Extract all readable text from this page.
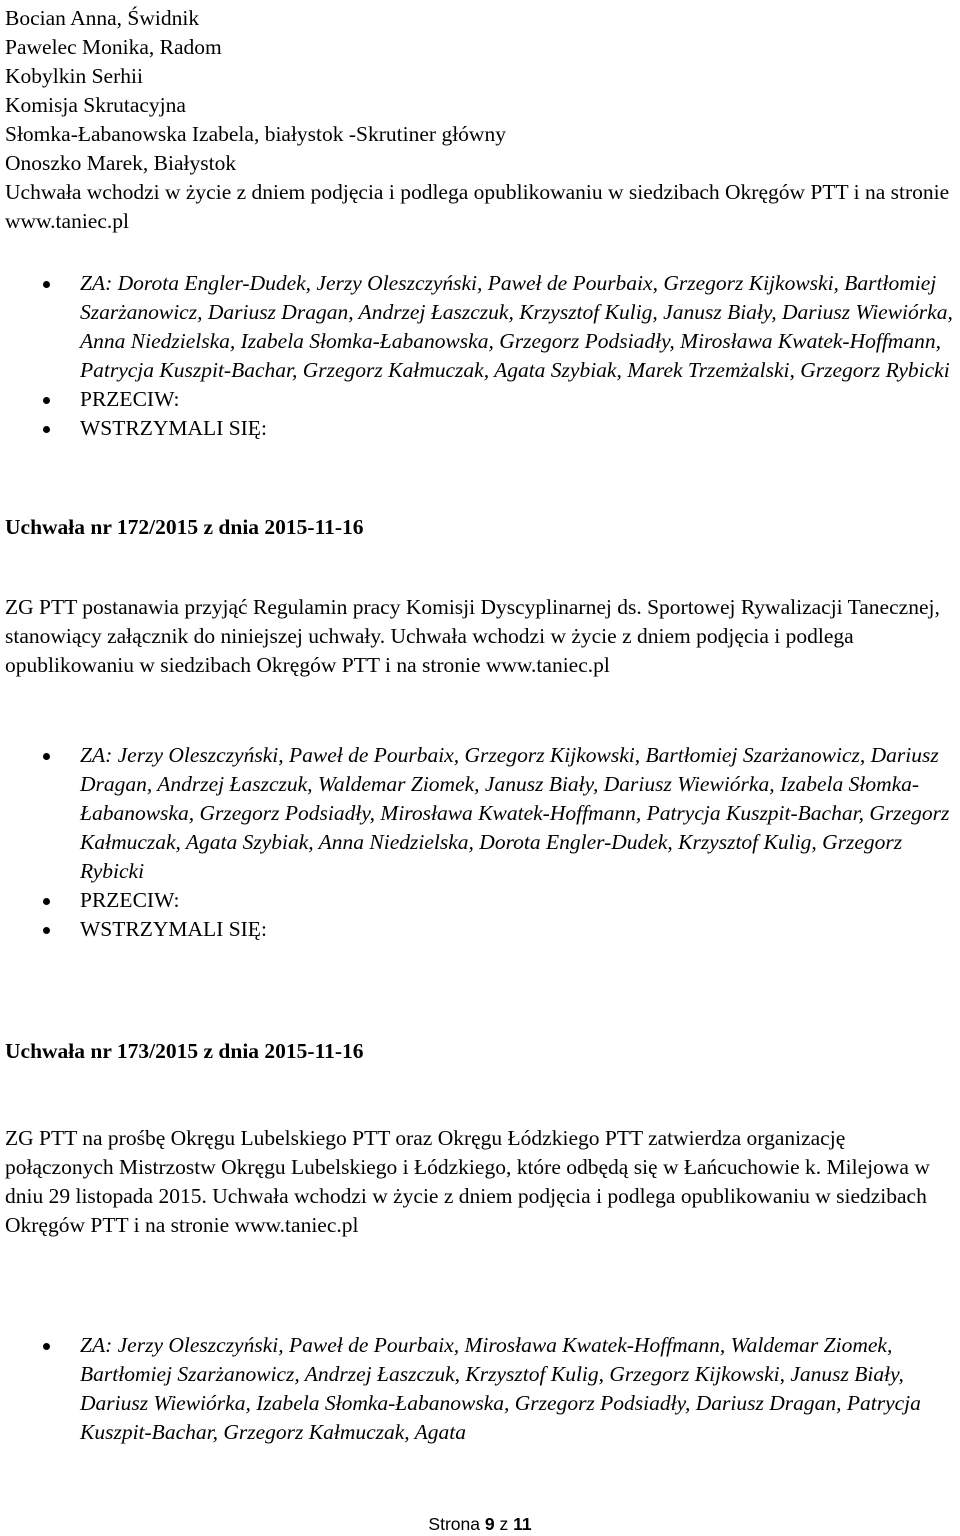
Bocian Anna, Świdnik

Pawelec Monika, Radom

Kobylkin Serhii

Komisja Skrutacyjna

Słomka-Łabanowska Izabela, białystok -Skrutiner główny

Onoszko Marek, Białystok

Uchwała wchodzi w życie z dniem podjęcia i podlega opublikowaniu w siedzibach Okręgów PTT i na stronie www.taniec.pl

ZA: Dorota Engler-Dudek, Jerzy Oleszczyński, Paweł de Pourbaix, Grzegorz Kijkowski, Bartłomiej Szarżanowicz, Dariusz Dragan, Andrzej Łaszczuk, Krzysztof Kulig, Janusz Biały, Dariusz Wiewiórka, Anna Niedzielska, Izabela Słomka-Łabanowska, Grzegorz Podsiadły, Mirosława Kwatek-Hoffmann, Patrycja Kuszpit-Bachar, Grzegorz Kałmuczak, Agata Szybiak, Marek Trzemżalski, Grzegorz Rybicki
PRZECIW:
WSTRZYMALI SIĘ:
Uchwała nr 172/2015 z dnia 2015-11-16

ZG PTT postanawia przyjąć Regulamin pracy Komisji Dyscyplinarnej ds. Sportowej Rywalizacji Tanecznej, stanowiący załącznik do niniejszej uchwały. Uchwała wchodzi w życie z dniem podjęcia i podlega opublikowaniu w siedzibach Okręgów PTT i na stronie www.taniec.pl

ZA: Jerzy Oleszczyński, Paweł de Pourbaix, Grzegorz Kijkowski, Bartłomiej Szarżanowicz, Dariusz Dragan, Andrzej Łaszczuk, Waldemar Ziomek, Janusz Biały, Dariusz Wiewiórka, Izabela Słomka-Łabanowska, Grzegorz Podsiadły, Mirosława Kwatek-Hoffmann, Patrycja Kuszpit-Bachar, Grzegorz Kałmuczak, Agata Szybiak, Anna Niedzielska, Dorota Engler-Dudek, Krzysztof Kulig, Grzegorz Rybicki
PRZECIW:
WSTRZYMALI SIĘ:
Uchwała nr 173/2015 z dnia 2015-11-16

ZG PTT na prośbę Okręgu Lubelskiego PTT oraz Okręgu Łódzkiego PTT zatwierdza organizację połączonych Mistrzostw Okręgu Lubelskiego i Łódzkiego, które odbędą się w Łańcuchowie k. Milejowa w dniu 29 listopada 2015. Uchwała wchodzi w życie z dniem podjęcia i podlega opublikowaniu w siedzibach Okręgów PTT i na stronie www.taniec.pl

ZA: Jerzy Oleszczyński, Paweł de Pourbaix, Mirosława Kwatek-Hoffmann, Waldemar Ziomek, Bartłomiej Szarżanowicz, Andrzej Łaszczuk, Krzysztof Kulig, Grzegorz Kijkowski, Janusz Biały, Dariusz Wiewiórka, Izabela Słomka-Łabanowska, Grzegorz Podsiadły, Dariusz Dragan, Patrycja Kuszpit-Bachar, Grzegorz Kałmuczak, Agata
Strona 9 z 11
